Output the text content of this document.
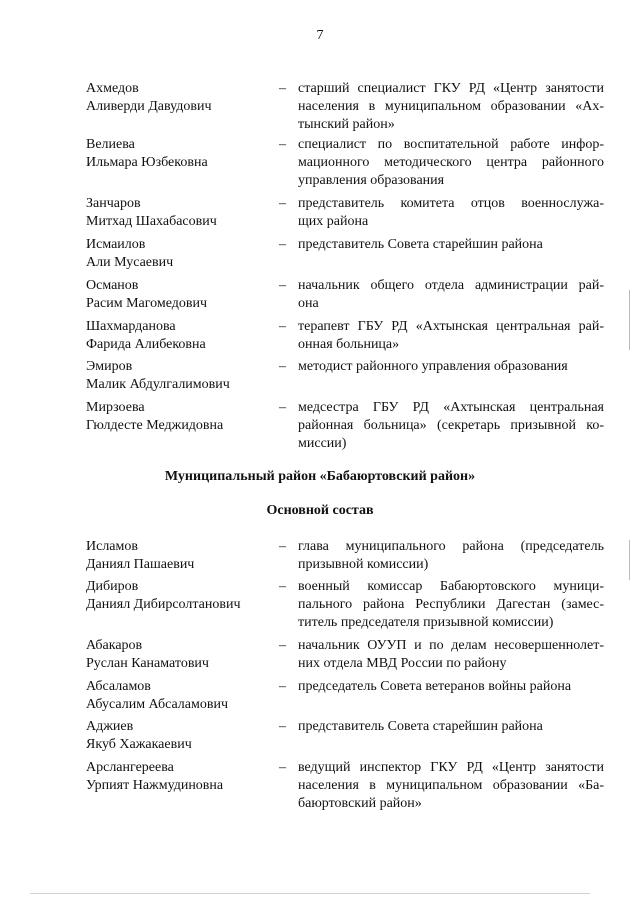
7
Ахмедов
Аливерди Давудович
– старший специалист ГКУ РД «Центр занятости
населения в муниципальном образовании «Ах-
тынский район»
Велиева
Ильмара Юзбековна
– специалист по воспитательной работе инфор-
мационного методического центра районного
управления образования
Занчаров
Митхад Шахабасович
– представитель комитета отцов военнослужа-
щих района
Исмаилов
Али Мусаевич
– представитель Совета старейшин района
Османов
Расим Магомедович
– начальник общего отдела администрации рай-
она
Шахмарданова
Фарида Алибековна
– терапевт ГБУ РД «Ахтынская центральная рай-
онная больница»
Эмиров
Малик Абдулгалимович
– методист районного управления образования
Мирзоева
Гюлдесте Меджидовна
– медсестра ГБУ РД «Ахтынская центральная
районная больница» (секретарь призывной ко-
миссии)
Муниципальный район «Бабаюртовский район»
Основной состав
Исламов
Даниял Пашаевич
– глава муниципального района (председатель
призывной комиссии)
Дибиров
Даниял Дибирсолтанович
– военный комиссар Бабаюртовского муници-
пального района Республики Дагестан (замес-
титель председателя призывной комиссии)
Абакаров
Руслан Канаматович
– начальник ОУУП и по делам несовершеннолет-
них отдела МВД России по району
Абсаламов
Абусалим Абсаламович
– председатель Совета ветеранов войны района
Аджиев
Якуб Хажакаевич
– представитель Совета старейшин района
Арслангереева
Урпият Нажмудиновна
– ведущий инспектор ГКУ РД «Центр занятости
населения в муниципальном образовании «Ба-
баюртовский район»
